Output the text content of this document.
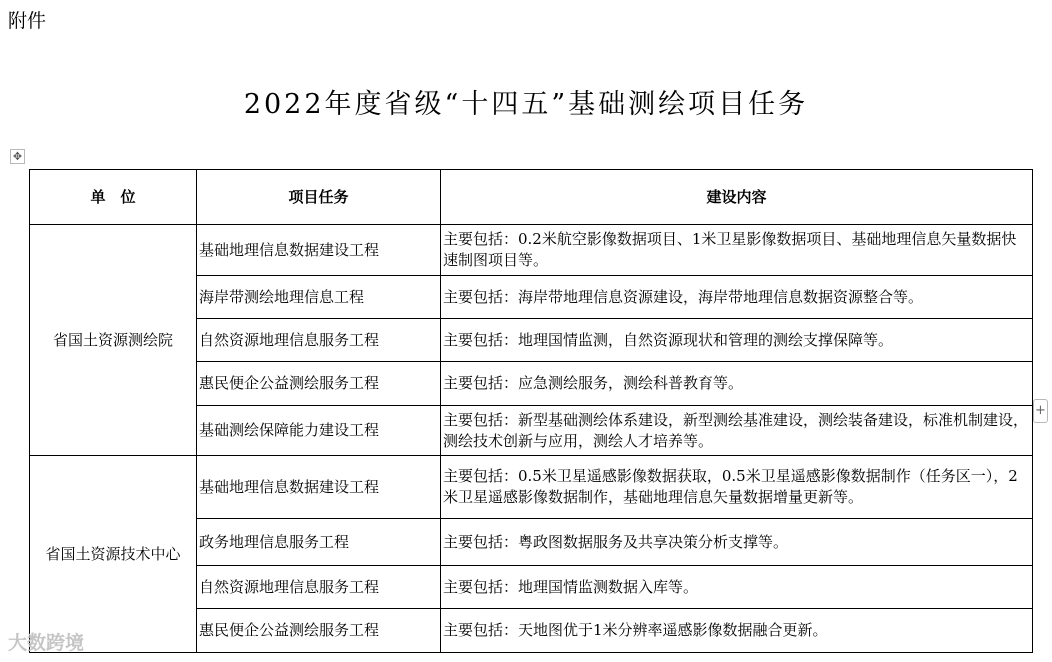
附件
2022年度省级“十四五”基础测绘项目任务
✥
+
单　位	项目任务	建设内容
省国土资源测绘院	基础地理信息数据建设工程	主要包括：0.2米航空影像数据项目、1米卫星影像数据项目、基础地理信息矢量数据快速制图项目等。
	海岸带测绘地理信息工程	主要包括：海岸带地理信息资源建设，海岸带地理信息数据资源整合等。
	自然资源地理信息服务工程	主要包括：地理国情监测，自然资源现状和管理的测绘支撑保障等。
	惠民便企公益测绘服务工程	主要包括：应急测绘服务，测绘科普教育等。
	基础测绘保障能力建设工程	主要包括：新型基础测绘体系建设，新型测绘基准建设，测绘装备建设，标准机制建设，测绘技术创新与应用，测绘人才培养等。
省国土资源技术中心	基础地理信息数据建设工程	主要包括：0.5米卫星遥感影像数据获取，0.5米卫星遥感影像数据制作（任务区一），2米卫星遥感影像数据制作，基础地理信息矢量数据增量更新等。
	政务地理信息服务工程	主要包括：粤政图数据服务及共享决策分析支撑等。
	自然资源地理信息服务工程	主要包括：地理国情监测数据入库等。
	惠民便企公益测绘服务工程	主要包括：天地图优于1米分辨率遥感影像数据融合更新。
大数跨境
